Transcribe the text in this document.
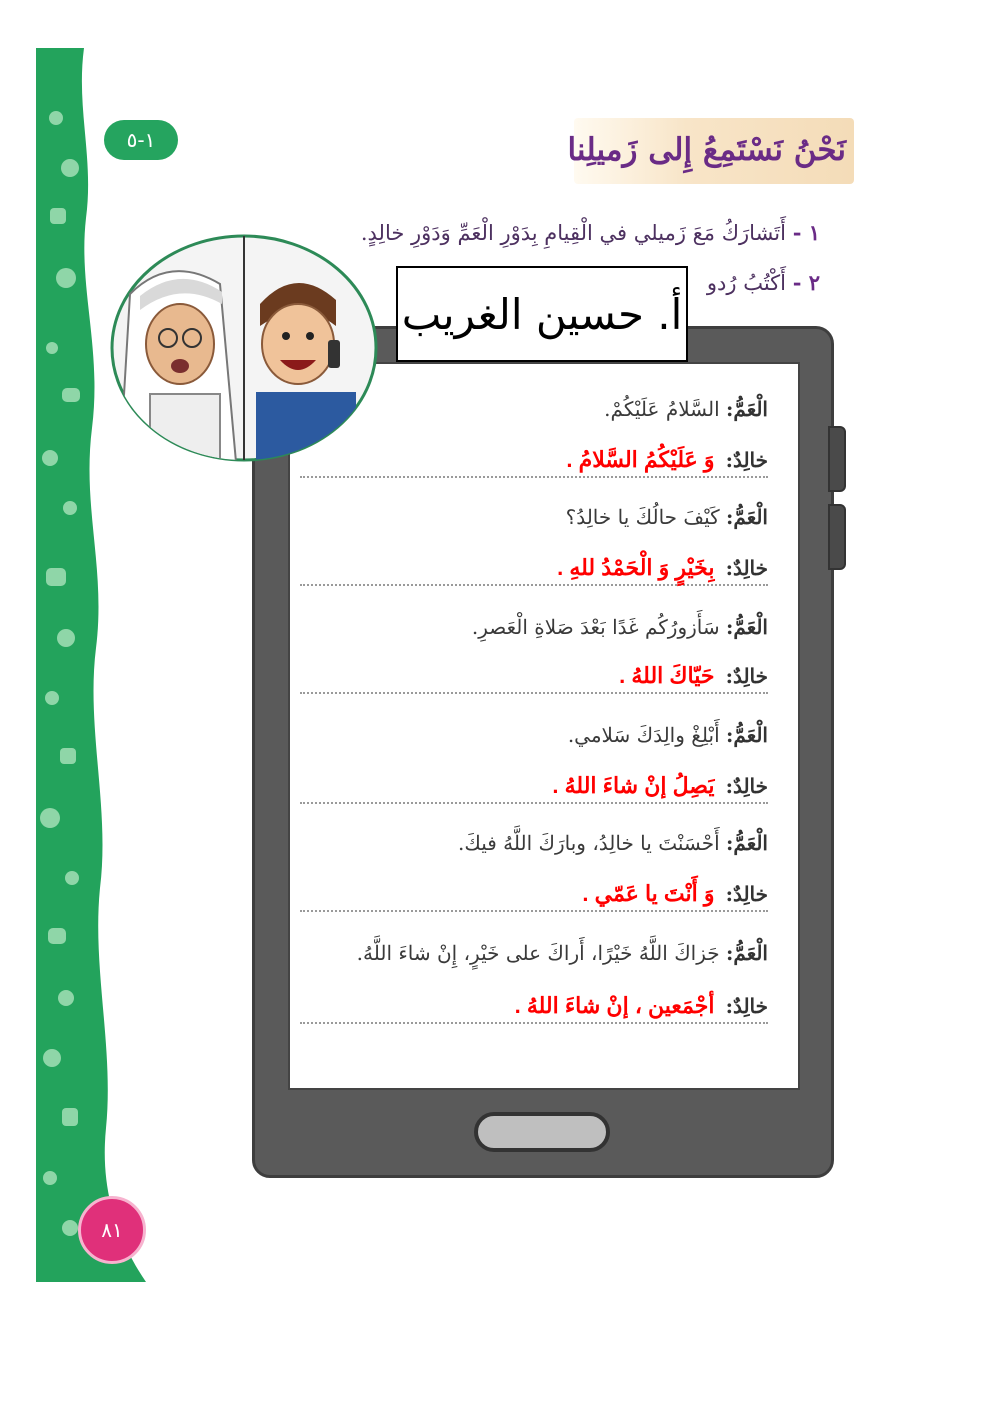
١-٥	نَحْنُ نَسْتَمِعُ إِلى زَميلِنا
١ - أَتَشارَكُ مَعَ زَميلي في الْقِيامِ بِدَوْرِ الْعَمِّ وَدَوْرِ خالِدٍ.
٢ - أَكْتُبُ رُدو
أ. حسين الغريب
الْعَمُّ: السَّلامُ عَلَيْكُمْ.
خالِدٌ: وَ عَلَيْكُمُ السَّلامُ .
الْعَمُّ: كَيْفَ حالُكَ يا خالِدُ؟
خالِدٌ: بِخَيْرٍ وَ الْحَمْدُ للهِ .
الْعَمُّ: سَأَزورُكُم غَدًا بَعْدَ صَلاةِ الْعَصرِ.
خالِدٌ: حَيّاكَ اللهُ .
الْعَمُّ: أَبْلِغْ والِدَكَ سَلامي.
خالِدٌ: يَصِلُ إنْ شاءَ اللهُ .
الْعَمُّ: أَحْسَنْتَ يا خالِدُ، وبارَكَ اللَّهُ فيكَ.
خالِدٌ: وَ أَنْتَ يا عَمّي .
الْعَمُّ: جَزاكَ اللَّهُ خَيْرًا، أَراكَ على خَيْرٍ، إِنْ شاءَ اللَّهُ.
خالِدٌ: أجْمَعين ، إنْ شاءَ اللهُ .
٨١
